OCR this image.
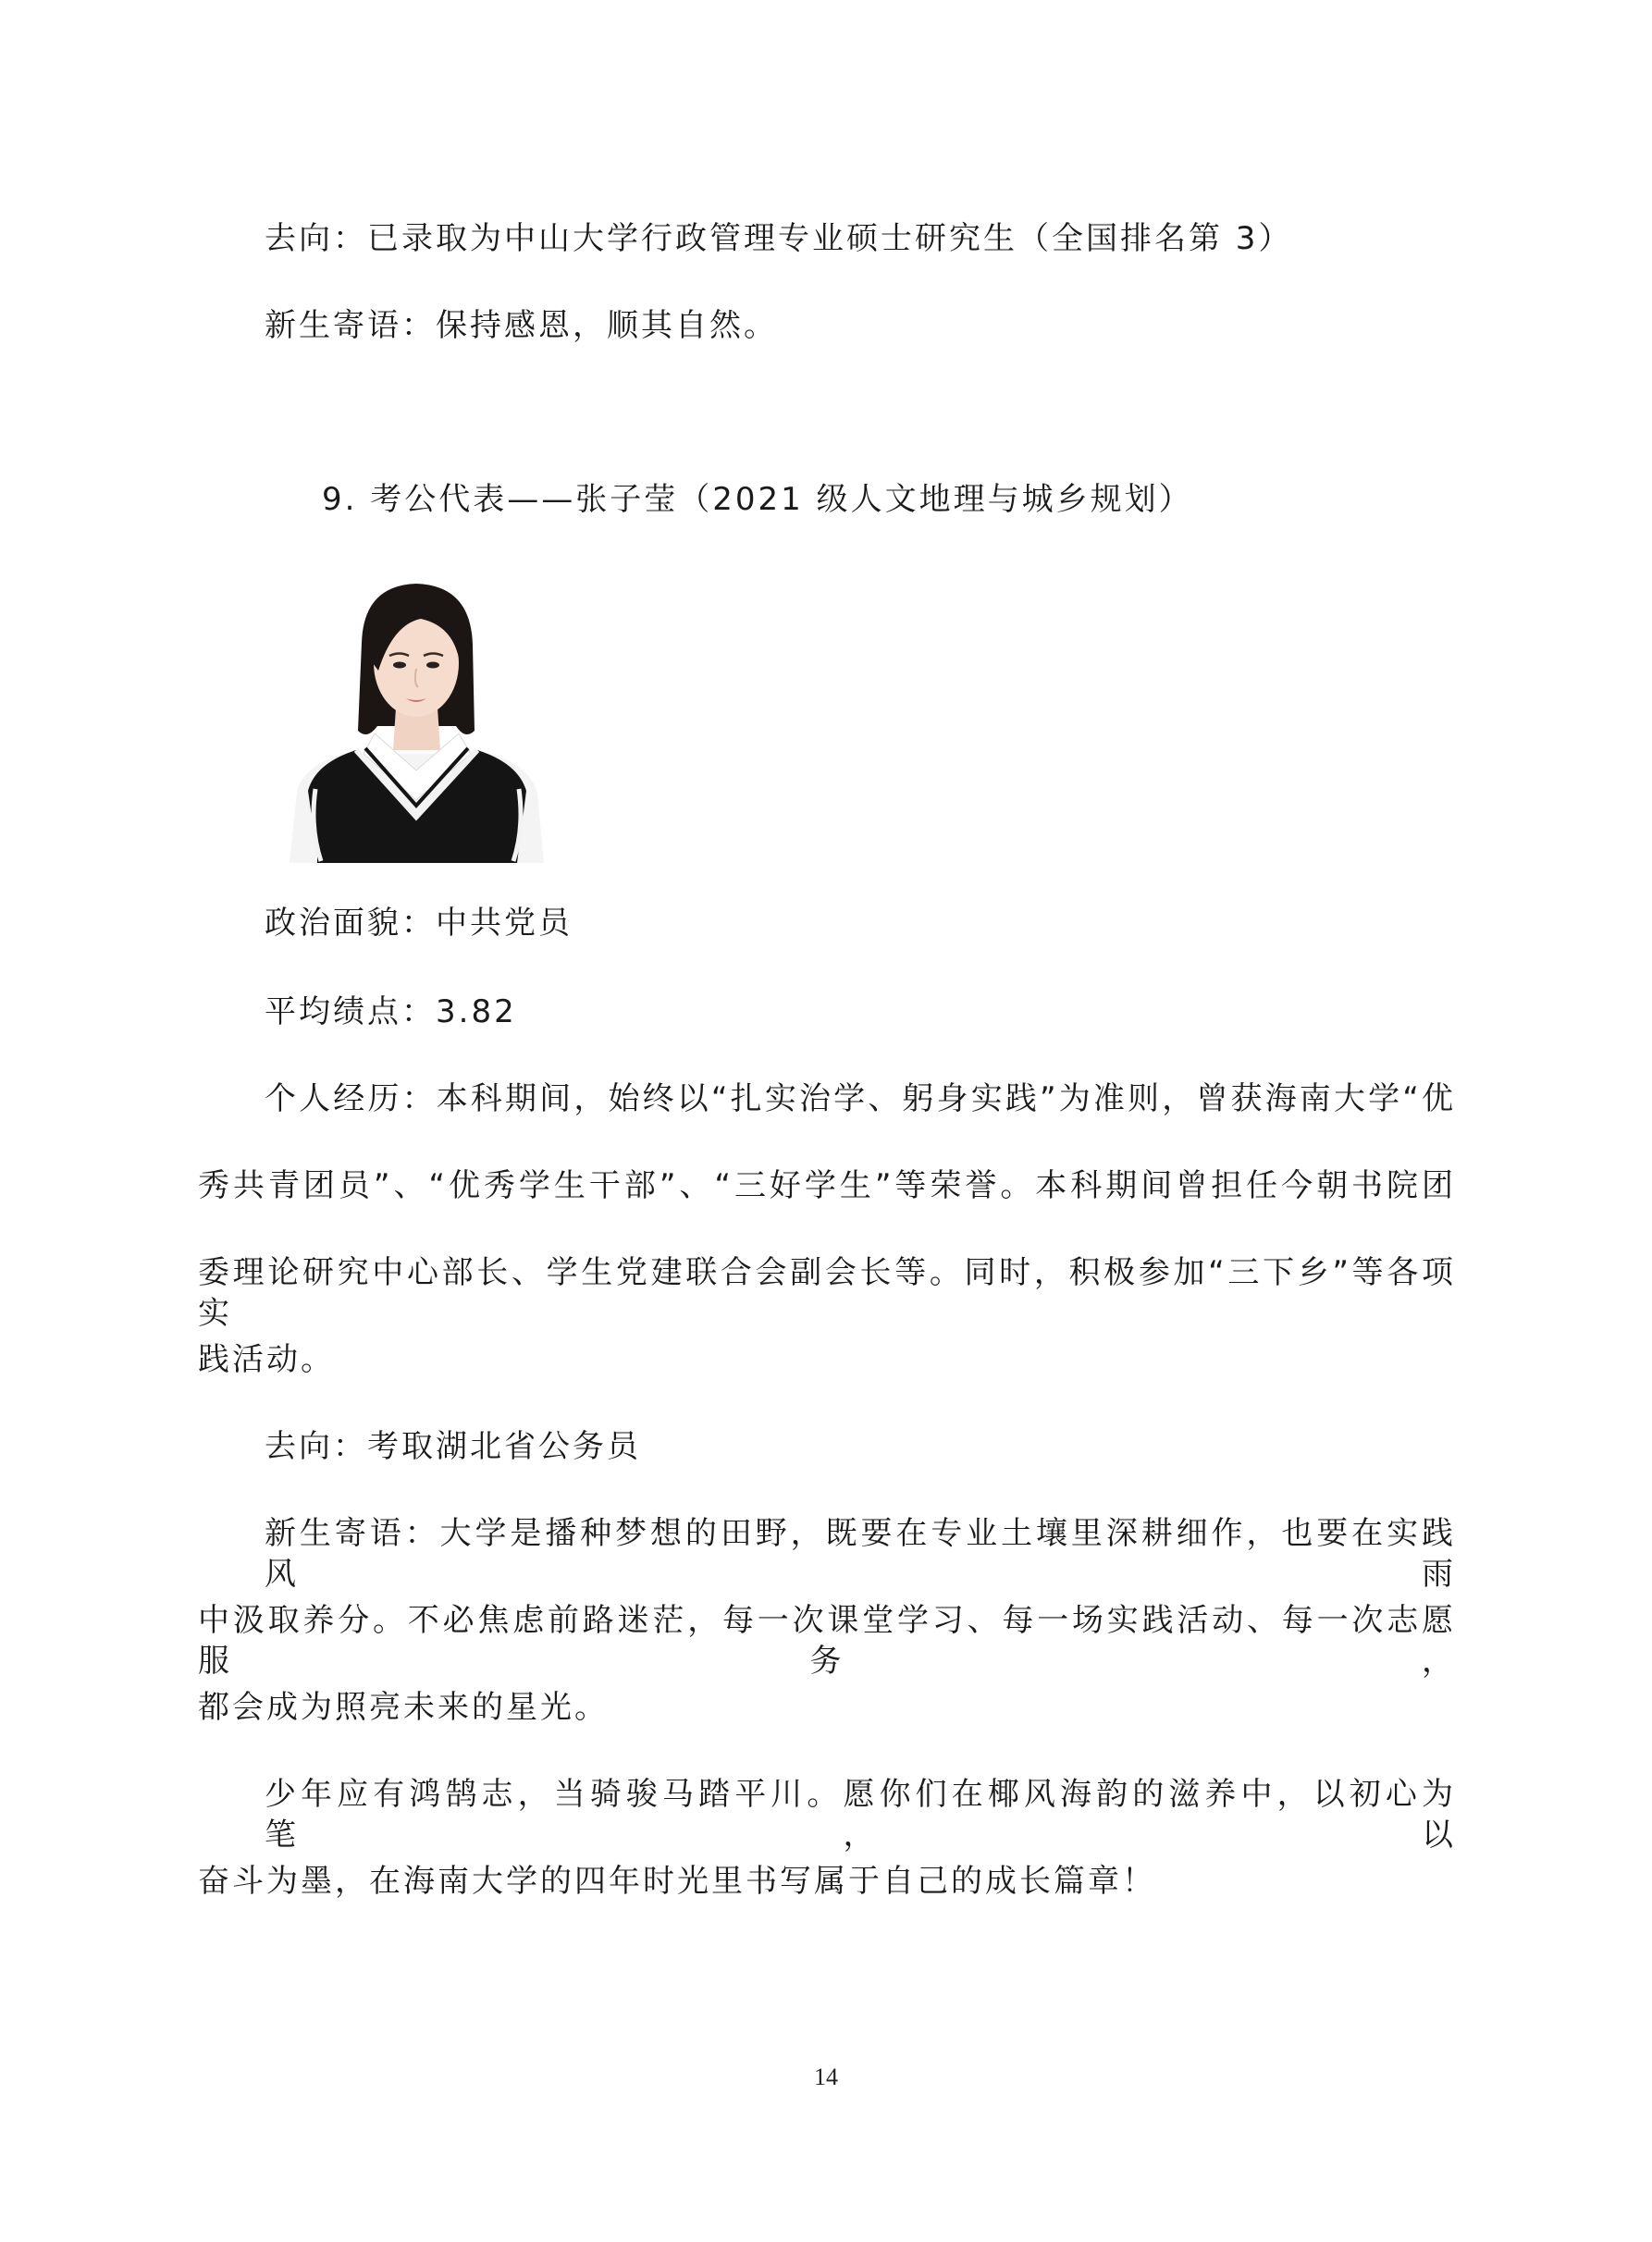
去向：已录取为中山大学行政管理专业硕士研究生（全国排名第 3）
新生寄语：保持感恩，顺其自然。
9. 考公代表——张子莹（2021 级人文地理与城乡规划）
政治面貌：中共党员
平均绩点：3.82
个人经历：本科期间，始终以“扎实治学、躬身实践”为准则，曾获海南大学“优
秀共青团员”、“优秀学生干部”、“三好学生”等荣誉。本科期间曾担任今朝书院团
委理论研究中心部长、学生党建联合会副会长等。同时，积极参加“三下乡”等各项实
践活动。
去向：考取湖北省公务员
新生寄语：大学是播种梦想的田野，既要在专业土壤里深耕细作，也要在实践风雨
中汲取养分。不必焦虑前路迷茫，每一次课堂学习、每一场实践活动、每一次志愿服务，
都会成为照亮未来的星光。
少年应有鸿鹄志，当骑骏马踏平川。愿你们在椰风海韵的滋养中，以初心为笔，以
奋斗为墨，在海南大学的四年时光里书写属于自己的成长篇章！
14
